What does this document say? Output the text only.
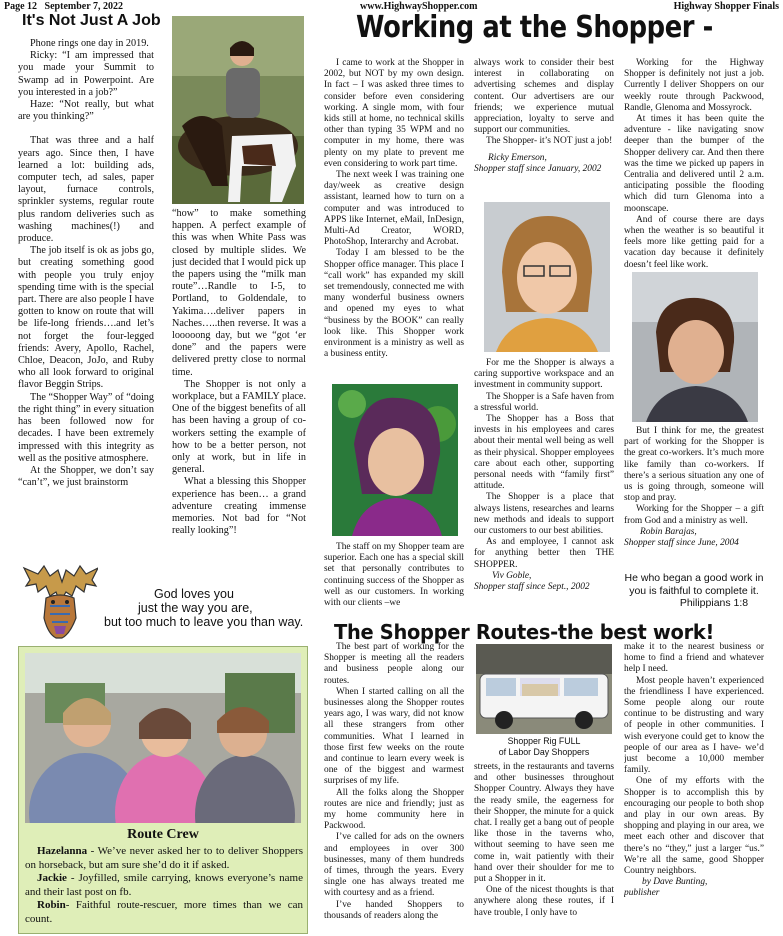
Page 12 September 7, 2022	www.HighwayShopper.com	Highway Shopper Finals
It's Not Just A Job

Phone rings one day in 2019.

Ricky: “I am impressed that you made your Summit to Swamp ad in Powerpoint. Are you interested in a job?”

Haze: “Not really, but what are you thinking?”

That was three and a half years ago. Since then, I have learned a lot: building ads, computer tech, ad sales, paper layout, furnace controls, sprinkler systems, regular route plus random deliveries such as washing machines(!) and produce.

The job itself is ok as jobs go, but creating something good with people you truly enjoy spending time with is the special part. There are also people I have gotten to know on route that will be life-long friends….and let’s not forget the four-legged friends: Avery, Apollo, Rachel, Chloe, Deacon, JoJo, and Ruby who all look forward to original flavor Beggin Strips.

The “Shopper Way” of “doing the right thing” in every situation has been followed now for decades. I have been extremely impressed with this integrity as well as the positive atmosphere.

At the Shopper, we don’t say “can’t”, we just brainstorm

“how” to make something happen. A perfect example of this was when White Pass was closed by multiple slides. We just decided that I would pick up the papers using the “milk man route”…Randle to I-5, to Portland, to Goldendale, to Yakima….deliver papers in Naches…..then reverse. It was a looooong day, but we “got ‘er done” and the papers were delivered pretty close to normal time.

The Shopper is not only a workplace, but a FAMILY place. One of the biggest benefits of all has been having a group of co-workers setting the example of how to be a better person, not only at work, but in life in general.

What a blessing this Shopper experience has been… a grand adventure creating immense memories. Not bad for “Not really looking”!

God loves you
just the way you are,
but too much to leave you than way.
Route Crew

Hazelanna - We’ve never asked her to to deliver Shoppers on horseback, but am sure she’d do it if asked.

Jackie - Joyfilled, smile carrying, knows everyone’s name and their last post on fb.

Robin- Faithful route-rescuer, more times than we can count.

Working at the Shopper -

I came to work at the Shopper in 2002, but NOT by my own design. In fact – I was asked three times to consider before even considering working. A single mom, with four kids still at home, no technical skills other than typing 35 WPM and no computer in my home, there was plenty on my plate to prevent me even considering to work part time.

The next week I was training one day/week as creative design assistant, learned how to turn on a computer and was introduced to APPS like Internet, eMail, InDesign, Multi-Ad Creator, WORD, PhotoShop, Interarchy and Acrobat.

Today I am blessed to be the Shopper office manager. This place I “call work” has expanded my skill set tremendously, connected me with many wonderful business owners and opened my eyes to what “business by the BOOK” can really look like. This Shopper work environment is a ministry as well as a business entity.

The staff on my Shopper team are superior. Each one has a special skill set that personally contributes to continuing success of the Shopper as well as our customers. In working with our clients –we

always work to consider their best interest in collaborating on advertising schemes and display content. Our advertisers are our friends; we experience mutual appreciation, loyalty to serve and support our communities.

The Shopper- it’s NOT just a job!

Ricky Emerson,

Shopper staff since January, 2002

For me the Shopper is always a caring supportive workspace and an investment in community support.

The Shopper is a Safe haven from a stressful world.

The Shopper has a Boss that invests in his employees and cares about their mental well being as well as their physical. Shopper employees care about each other, supporting personal needs with “family first” attitude.

The Shopper is a place that always listens, researches and learns new methods and ideals to support our customers to our best abilities.

As and employee, I cannot ask for anything better then THE SHOPPER.

Viv Goble,

Shopper staff since Sept., 2002

Working for the Highway Shopper is definitely not just a job. Currently I deliver Shoppers on our weekly route through Packwood, Randle, Glenoma and Mossyrock.

At times it has been quite the adventure - like navigating snow deeper than the bumper of the Shopper delivery car. And then there was the time we picked up papers in Centralia and delivered until 2 a.m. anticipating possible the flooding which did turn Glenoma into a moonscape.

And of course there are days when the weather is so beautiful it feels more like getting paid for a vacation day because it definitely doesn’t feel like work.

But I think for me, the greatest part of working for the Shopper is the great co-workers. It’s much more like family than co-workers. If there’s a serious situation any one of us is going through, someone will stop and pray.

Working for the Shopper – a gift from God and a ministry as well.

Robin Barajas,

Shopper staff since June, 2004

He who began a good work in
you is faithful to complete it.
Philippians 1:8
The Shopper Routes-the best work!

The best part of working for the Shopper is meeting all the readers and business people along our routes.

When I started calling on all the businesses along the Shopper routes years ago, I was wary, did not know all these strangers from other communities. What I learned in those first few weeks on the route and continue to learn every week is one of the biggest and warmest surprises of my life.

All the folks along the Shopper routes are nice and friendly; just as my home community here in Packwood.

I’ve called for ads on the owners and employees in over 300 businesses, many of them hundreds of times, through the years. Every single one has always treated me with courtesy and as a friend.

I’ve handed Shoppers to thousands of readers along the

Shopper Rig FULL
of Labor Day Shoppers

streets, in the restaurants and taverns and other businesses throughout Shopper Country. Always they have the ready smile, the eagerness for their Shopper, the minute for a quick chat. I really get a bang out of people like those in the taverns who, without seeming to have seen me come in, wait patiently with their hand over their shoulder for me to put a Shopper in it.

One of the nicest thoughts is that anywhere along these routes, if I have trouble, I only have to

make it to the nearest business or home to find a friend and whatever help I need.

Most people haven’t experienced the friendliness I have experienced. Some people along our route continue to be distrusting and wary of people in other communities. I wish everyone could get to know the people of our area as I have- we’d just become a 10,000 member family.

One of my efforts with the Shopper is to accomplish this by encouraging our people to both shop and play in our own areas. By shopping and playing in our area, we meet each other and discover that there’s no “they,” just a larger “us.” We’re all the same, good Shopper Country neighbors.

by Dave Bunting,

publisher
